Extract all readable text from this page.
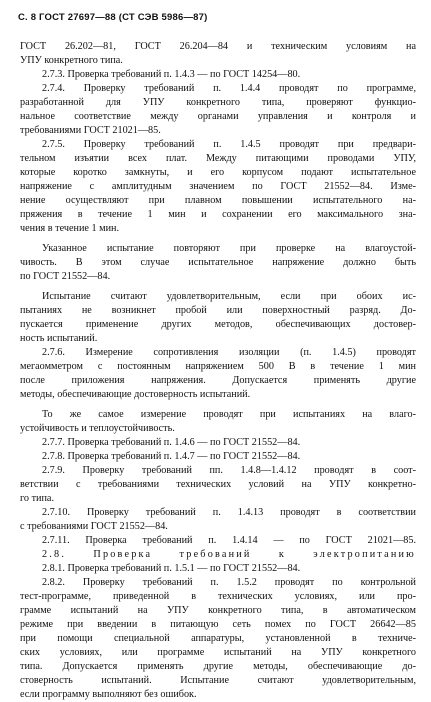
С. 8 ГОСТ 27697—88 (СТ СЭВ 5986—87)
ГОСТ 26.202—81, ГОСТ 26.204—84 и техническим условиям на
УПУ конкретного типа.
2.7.3. Проверка требований п. 1.4.3 — по ГОСТ 14254—80.
2.7.4. Проверку требований п. 1.4.4 проводят по программе,
разработанной для УПУ конкретного типа, проверяют функцио-
нальное соответствие между органами управления и контроля и
требованиями ГОСТ 21021—85.
2.7.5. Проверку требований п. 1.4.5 проводят при предвари-
тельном изъятии всех плат. Между питающими проводами УПУ,
которые коротко замкнуты, и его корпусом подают испытательное
напряжение с амплитудным значением по ГОСТ 21552—84. Изме-
нение осуществляют при плавном повышении испытательного на-
пряжения в течение 1 мин и сохранении его максимального зна-
чения в течение 1 мин.
Указанное испытание повторяют при проверке на влагоустой-
чивость. В этом случае испытательное напряжение должно быть
по ГОСТ 21552—84.
Испытание считают удовлетворительным, если при обоих ис-
пытаниях не возникнет пробой или поверхностный разряд. До-
пускается применение других методов, обеспечивающих достовер-
ность испытаний.
2.7.6. Измерение сопротивления изоляции (п. 1.4.5) проводят
мегаомметром с постоянным напряжением 500 В в течение 1 мин
после приложения напряжения. Допускается применять другие
методы, обеспечивающие достоверность испытаний.
То же самое измерение проводят при испытаниях на влаго-
устойчивость и теплоустойчивость.
2.7.7. Проверка требований п. 1.4.6 — по ГОСТ 21552—84.
2.7.8. Проверка требований п. 1.4.7 — по ГОСТ 21552—84.
2.7.9. Проверку требований пп. 1.4.8—1.4.12 проводят в соот-
ветствии с требованиями технических условий на УПУ конкретно-
го типа.
2.7.10. Проверку требований п. 1.4.13 проводят в соответствии
с требованиями ГОСТ 21552—84.
2.7.11. Проверка требований п. 1.4.14 — по ГОСТ 21021—85.
2.8. Проверка требований к электропитанию
2.8.1. Проверка требований п. 1.5.1 — по ГОСТ 21552—84.
2.8.2. Проверку требований п. 1.5.2 проводят по контрольной
тест-программе, приведенной в технических условиях, или про-
грамме испытаний на УПУ конкретного типа, в автоматическом
режиме при введении в питающую сеть помех по ГОСТ 26642—85
при помощи специальной аппаратуры, установленной в техниче-
ских условиях, или программе испытаний на УПУ конкретного
типа. Допускается применять другие методы, обеспечивающие до-
стоверность испытаний. Испытание считают удовлетворительным,
если программу выполняют без ошибок.
